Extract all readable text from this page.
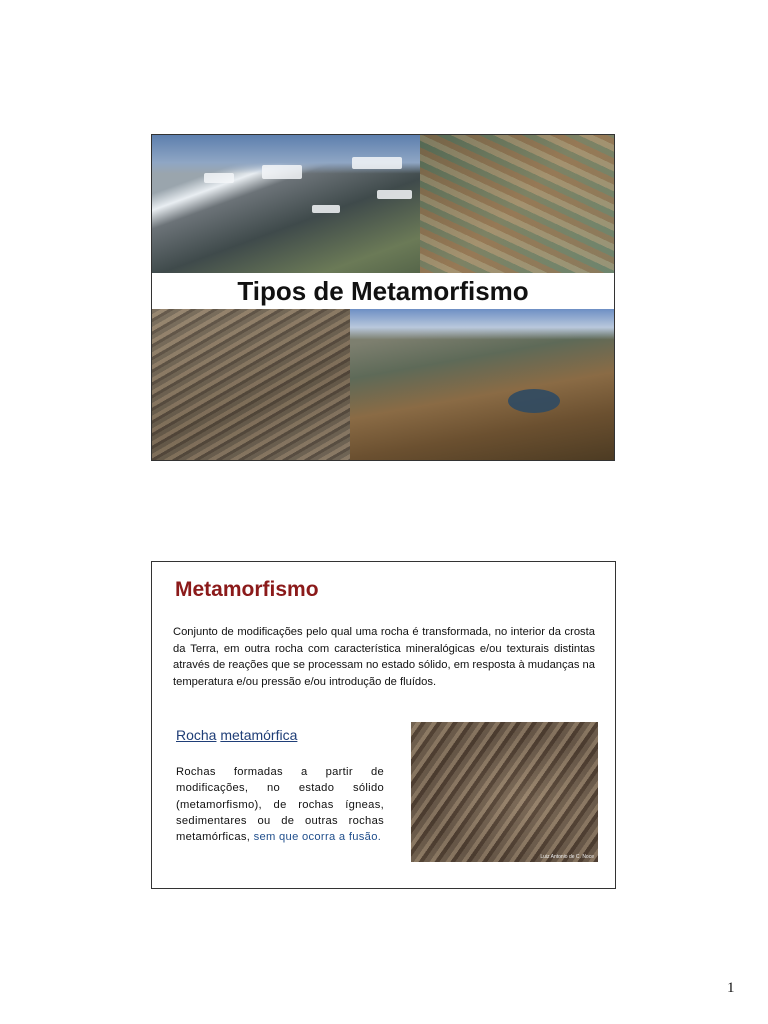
Tipos de Metamorfismo
Metamorfismo
Conjunto de modificações pelo qual uma rocha é transformada, no interior da crosta da Terra, em outra rocha com característica mineralógicas e/ou texturais distintas através de reações que se processam no estado sólido, em resposta à mudanças na temperatura e/ou pressão e/ou introdução de fluídos.
Rocha metamórfica
Rochas formadas a partir de modificações, no estado sólido (metamorfismo), de rochas ígneas, sedimentares ou de outras rochas metamórficas, sem que ocorra a fusão.
Luiz Antonio de C. Noce
1
